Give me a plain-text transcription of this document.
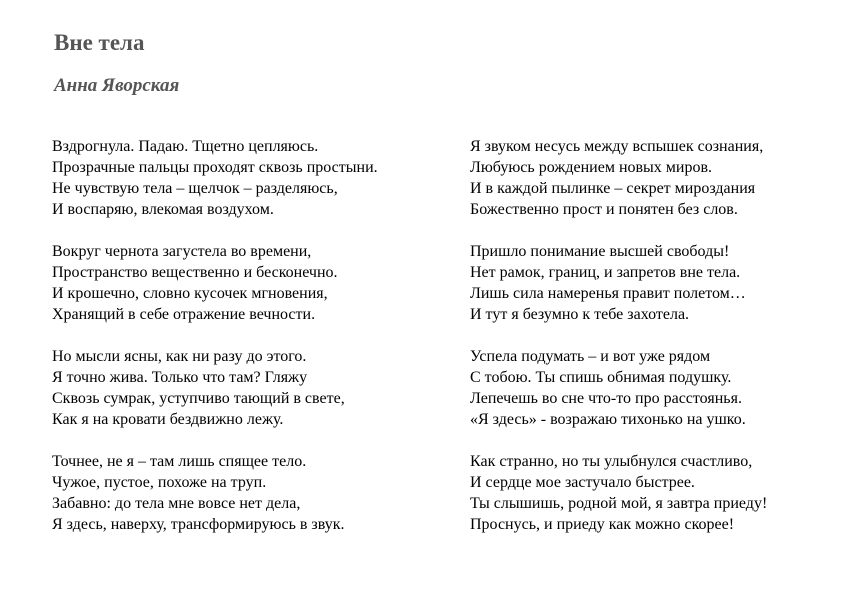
Вне тела

Анна Яворская

Вздрогнула. Падаю. Тщетно цепляюсь.
Прозрачные пальцы проходят сквозь простыни.
Не чувствую тела – щелчок – разделяюсь,
И воспаряю, влекомая воздухом.
Вокруг чернота загустела во времени,
Пространство вещественно и бесконечно.
И крошечно, словно кусочек мгновения,
Хранящий в себе отражение вечности.
Но мысли ясны, как ни разу до этого.
Я точно жива. Только что там? Гляжу
Сквозь сумрак, уступчиво тающий в свете,
Как я на кровати бездвижно лежу.
Точнее, не я – там лишь спящее тело.
Чужое, пустое, похоже на труп.
Забавно: до тела мне вовсе нет дела,
Я здесь, наверху, трансформируюсь в звук.
Я звуком несусь между вспышек сознания,
Любуюсь рождением новых миров.
И в каждой пылинке – секрет мироздания
Божественно прост и понятен без слов.
Пришло понимание высшей свободы!
Нет рамок, границ, и запретов вне тела.
Лишь сила намеренья правит полетом…
И тут я безумно к тебе захотела.
Успела подумать – и вот уже рядом
С тобою. Ты спишь обнимая подушку.
Лепечешь во сне что-то про расстоянья.
«Я здесь» - возражаю тихонько на ушко.
Как странно, но ты улыбнулся счастливо,
И сердце мое застучало быстрее.
Ты слышишь, родной мой, я завтра приеду!
Проснусь, и приеду как можно скорее!
